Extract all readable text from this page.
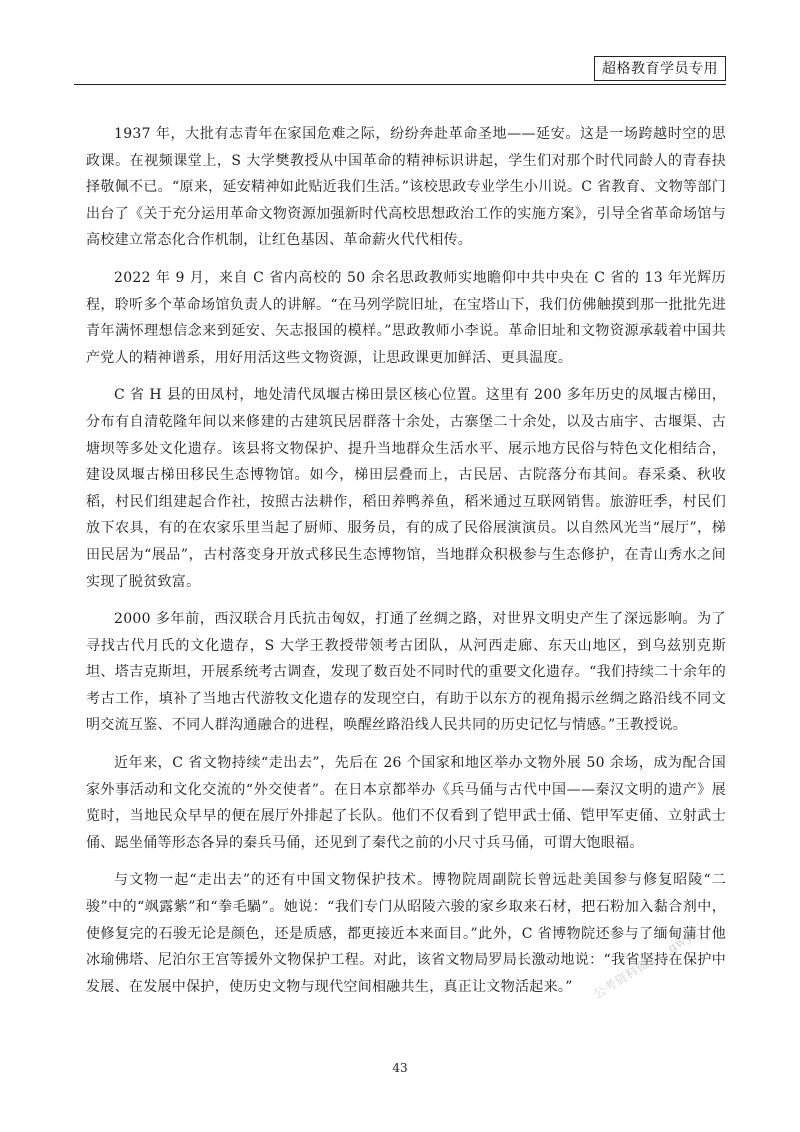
超格教育学员专用

1937 年，大批有志青年在家国危难之际，纷纷奔赴革命圣地——延安。这是一场跨越时空的思政课。在视频课堂上，S 大学樊教授从中国革命的精神标识讲起，学生们对那个时代同龄人的青春抉择敬佩不已。“原来，延安精神如此贴近我们生活。”该校思政专业学生小川说。C 省教育、文物等部门出台了《关于充分运用革命文物资源加强新时代高校思想政治工作的实施方案》，引导全省革命场馆与高校建立常态化合作机制，让红色基因、革命薪火代代相传。

2022 年 9 月，来自 C 省内高校的 50 余名思政教师实地瞻仰中共中央在 C 省的 13 年光辉历程，聆听多个革命场馆负责人的讲解。“在马列学院旧址，在宝塔山下，我们仿佛触摸到那一批批先进青年满怀理想信念来到延安、矢志报国的模样。”思政教师小李说。革命旧址和文物资源承载着中国共产党人的精神谱系，用好用活这些文物资源，让思政课更加鲜活、更具温度。

C 省 H 县的田凤村，地处清代凤堰古梯田景区核心位置。这里有 200 多年历史的凤堰古梯田，分布有自清乾隆年间以来修建的古建筑民居群落十余处，古寨堡二十余处，以及古庙宇、古堰渠、古塘坝等多处文化遗存。该县将文物保护、提升当地群众生活水平、展示地方民俗与特色文化相结合，建设凤堰古梯田移民生态博物馆。如今，梯田层叠而上，古民居、古院落分布其间。春采桑、秋收稻，村民们组建起合作社，按照古法耕作，稻田养鸭养鱼，稻米通过互联网销售。旅游旺季，村民们放下农具，有的在农家乐里当起了厨师、服务员，有的成了民俗展演演员。以自然风光当“展厅”，梯田民居为“展品”，古村落变身开放式移民生态博物馆，当地群众积极参与生态修护，在青山秀水之间实现了脱贫致富。

2000 多年前，西汉联合月氏抗击匈奴，打通了丝绸之路，对世界文明史产生了深远影响。为了寻找古代月氏的文化遗存，S 大学王教授带领考古团队，从河西走廊、东天山地区，到乌兹别克斯坦、塔吉克斯坦，开展系统考古调查，发现了数百处不同时代的重要文化遗存。“我们持续二十余年的考古工作，填补了当地古代游牧文化遗存的发现空白，有助于以东方的视角揭示丝绸之路沿线不同文明交流互鉴、不同人群沟通融合的进程，唤醒丝路沿线人民共同的历史记忆与情感。”王教授说。

近年来，C 省文物持续“走出去”，先后在 26 个国家和地区举办文物外展 50 余场，成为配合国家外事活动和文化交流的“外交使者”。在日本京都举办《兵马俑与古代中国——秦汉文明的遗产》展览时，当地民众早早的便在展厅外排起了长队。他们不仅看到了铠甲武士俑、铠甲军吏俑、立射武士俑、跽坐俑等形态各异的秦兵马俑，还见到了秦代之前的小尺寸兵马俑，可谓大饱眼福。

与文物一起“走出去”的还有中国文物保护技术。博物院周副院长曾远赴美国参与修复昭陵“二骏”中的“飒露紫”和“拳毛騧”。她说：“我们专门从昭陵六骏的家乡取来石材，把石粉加入黏合剂中，使修复完的石骏无论是颜色，还是质感，都更接近本来面目。”此外，C 省博物院还参与了缅甸蒲甘他冰瑜佛塔、尼泊尔王宫等援外文物保护工程。对此，该省文物局罗局长激动地说：“我省坚持在保护中发展、在发展中保护，使历史文物与现代空间相融共生，真正让文物活起来。”	公考资料微信：gwy2
43
